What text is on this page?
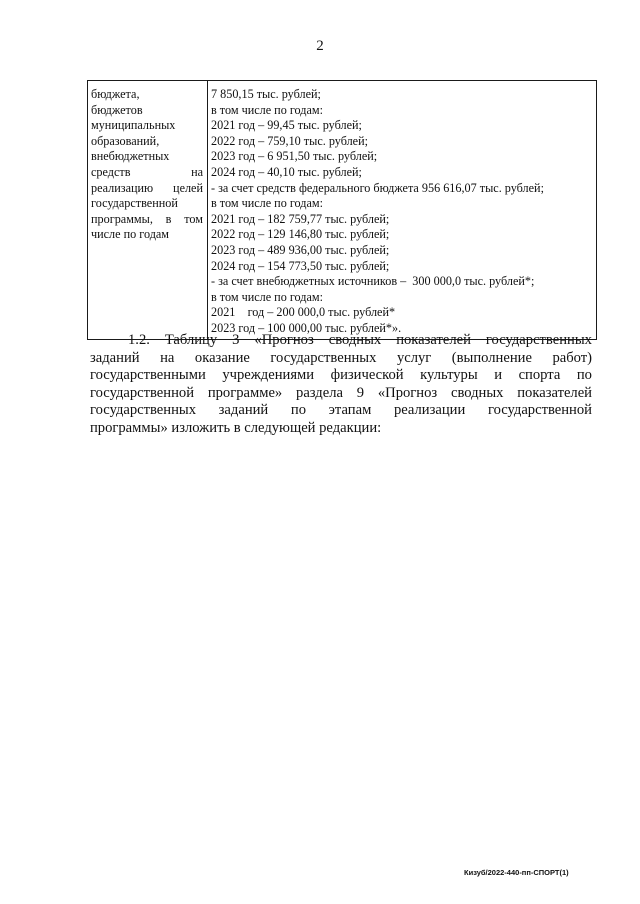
2
бюджета,
бюджетов
муниципальных
образований,
внебюджетных
средств	на
реализацию целей
государственной
программы, в том
числе по годам

7 850,15 тыс. рублей;
в том числе по годам:
2021 год – 99,45 тыс. рублей;
2022 год – 759,10 тыс. рублей;
2023 год – 6 951,50 тыс. рублей;
2024 год – 40,10 тыс. рублей;
- за счет средств федерального бюджета 956 616,07 тыс. рублей;
в том числе по годам:
2021 год – 182 759,77 тыс. рублей;
2022 год – 129 146,80 тыс. рублей;
2023 год – 489 936,00 тыс. рублей;
2024 год – 154 773,50 тыс. рублей;
- за счет внебюджетных источников –  300 000,0 тыс. рублей*;
в том числе по годам:
2021    год – 200 000,0 тыс. рублей*
2023 год – 100 000,00 тыс. рублей*».
1.2. Таблицу 3 «Прогноз сводных показателей государственных
заданий на оказание государственных услуг (выполнение работ)
государственными учреждениями физической культуры и спорта по
государственной программе» раздела 9 «Прогноз сводных показателей
государственных заданий по этапам реализации государственной
программы» изложить в следующей редакции:
Кизуб/2022-440-пп-СПОРТ(1)
